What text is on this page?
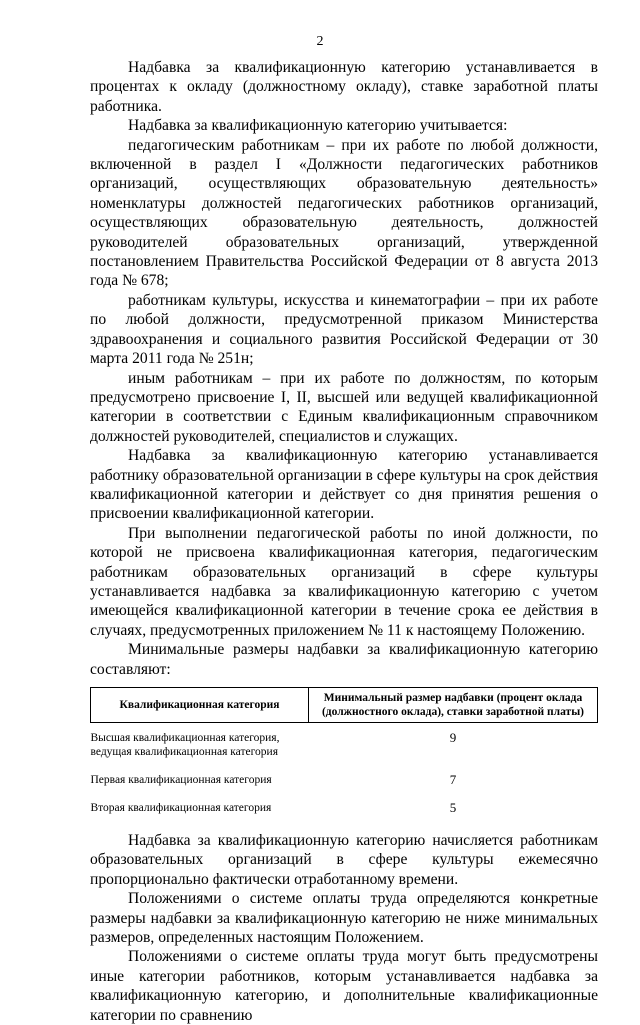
2

Надбавка за квалификационную категорию устанавливается в процентах к окладу (должностному окладу), ставке заработной платы работника.

Надбавка за квалификационную категорию учитывается:

педагогическим работникам – при их работе по любой должности, включенной в раздел I «Должности педагогических работников организаций, осуществляющих образовательную деятельность» номенклатуры должностей педагогических работников организаций, осуществляющих образовательную деятельность, должностей руководителей образовательных организаций, утвержденной постановлением Правительства Российской Федерации от 8 августа 2013 года № 678;

работникам культуры, искусства и кинематографии – при их работе по любой должности, предусмотренной приказом Министерства здравоохранения и социального развития Российской Федерации от 30 марта 2011 года № 251н;

иным работникам – при их работе по должностям, по которым предусмотрено присвоение I, II, высшей или ведущей квалификационной категории в соответствии с Единым квалификационным справочником должностей руководителей, специалистов и служащих.

Надбавка за квалификационную категорию устанавливается работнику образовательной организации в сфере культуры на срок действия квалификационной категории и действует со дня принятия решения о присвоении квалификационной категории.

При выполнении педагогической работы по иной должности, по которой не присвоена квалификационная категория, педагогическим работникам образовательных организаций в сфере культуры устанавливается надбавка за квалификационную категорию с учетом имеющейся квалификационной категории в течение срока ее действия в случаях, предусмотренных приложением № 11 к настоящему Положению.

Минимальные размеры надбавки за квалификационную категорию составляют:

Квалификационная категория	Минимальный размер надбавки (процент оклада (должностного оклада), ставки заработной платы)
Высшая квалификационная категория, ведущая квалификационная категория	9
Первая квалификационная категория	7
Вторая квалификационная категория	5

Надбавка за квалификационную категорию начисляется работникам образовательных организаций в сфере культуры ежемесячно пропорционально фактически отработанному времени.

Положениями о системе оплаты труда определяются конкретные размеры надбавки за квалификационную категорию не ниже минимальных размеров, определенных настоящим Положением.

Положениями о системе оплаты труда могут быть предусмотрены иные категории работников, которым устанавливается надбавка за квалификационную категорию, и дополнительные квалификационные категории по сравнению
